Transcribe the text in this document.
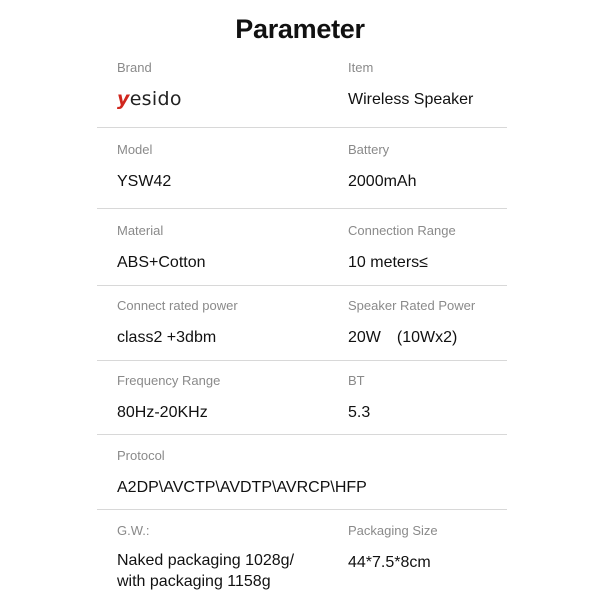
Parameter
Brand
y esido
Item
Wireless Speaker
Model
YSW42
Battery
2000mAh
Material
ABS+Cotton
Connection Range
10 meters≤
Connect rated power
class2 +3dbm
Speaker Rated Power
20W　(10Wx2)
Frequency Range
80Hz-20KHz
BT
5.3
Protocol
A2DP\AVCTP\AVDTP\AVRCP\HFP
G.W.:
Naked packaging 1028g/
with packaging 1158g
Packaging Size
44*7.5*8cm
